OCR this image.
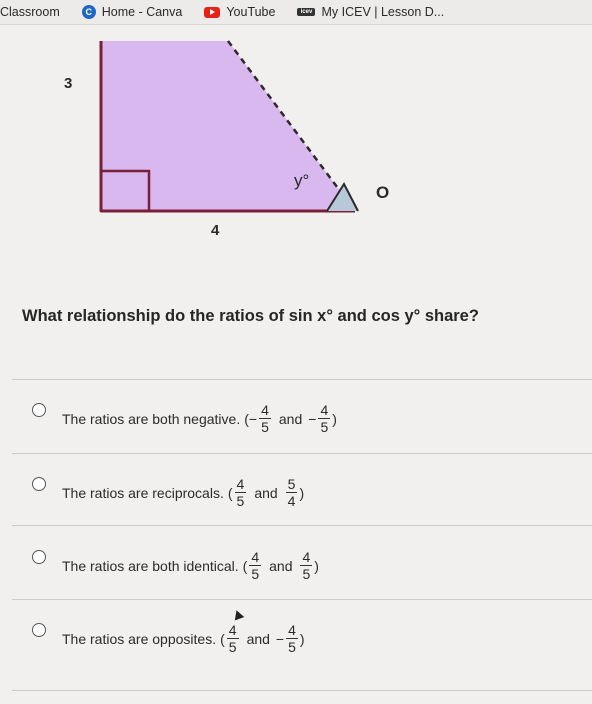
Classroom	C Home - Canva	YouTube	icev My ICEV | Lesson D...
3
4
y°
O
What relationship do the ratios of sin x° and cos y° share?
The ratios are both negative. ( − $\frac{4}{5}$ and − $\frac{4}{5}$ )
The ratios are reciprocals. ( $\frac{4}{5}$ and $\frac{5}{4}$ )
The ratios are both identical. ( $\frac{4}{5}$ and $\frac{4}{5}$ )
The ratios are opposites. ( $\frac{4}{5}$ and − $\frac{4}{5}$ )
